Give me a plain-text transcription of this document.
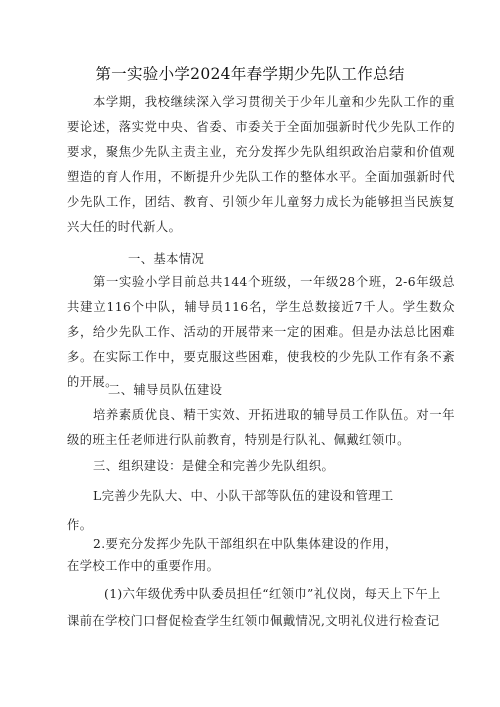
第一实验小学2024年春学期少先队工作总结

本学期，我校继续深入学习贯彻关于少年儿童和少先队工作的重要论述，落实党中央、省委、市委关于全面加强新时代少先队工作的要求，聚焦少先队主责主业，充分发挥少先队组织政治启蒙和价值观塑造的育人作用，不断提升少先队工作的整体水平。全面加强新时代少先队工作，团结、教育、引领少年儿童努力成长为能够担当民族复兴大任的时代新人。

一、基本情况

第一实验小学目前总共144个班级，一年级28个班，2-6年级总共建立116个中队，辅导员116名，学生总数接近7千人。学生数众多，给少先队工作、活动的开展带来一定的困难。但是办法总比困难多。在实际工作中，要克服这些困难，使我校的少先队工作有条不紊的开展。

二、辅导员队伍建设

培养素质优良、精干实效、开拓进取的辅导员工作队伍。对一年级的班主任老师进行队前教育，特别是行队礼、佩戴红领巾。

三、组织建设：是健全和完善少先队组织。
L完善少先队大、中、小队干部等队伍的建设和管理工
作。
2.要充分发挥少先队干部组织在中队集体建设的作用，
在学校工作中的重要作用。
(1)六年级优秀中队委员担任“红领巾”礼仪岗，每天上下午上
课前在学校门口督促检查学生红领巾佩戴情况,文明礼仪进行检查记
